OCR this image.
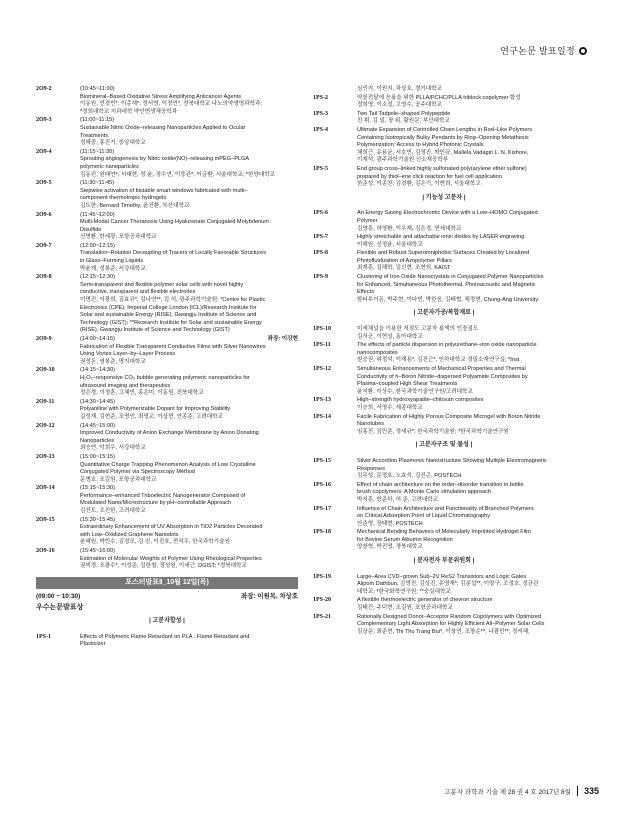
연구논문 발표일정
2O9-2	(10:45~11:00)
Biomineral–Based Oxidative Stress Amplifying Anticancer Agents
이동원, 민경빈*, 이총재*, 정서영, 이정민*, 전북대학교 나노의약생명과학과;
*경희대학교 지과대학 약안면생체공학과
2O9-3	(11:00~11:15)
Sustainable Nitric Oxide–releasing Nanoparticles Applied to Ocular
Treatments
정혜중, 홍진기, 중앙대학교
2O9-4	(11:15~11:30)
Sprouting angiogenesis by Nitric oxide(NO)–releasing mPEG–PLGA
polymeric nanoparticles
김동진, 원태연*, 서대현, 정 윤, 정수연, 이중관*, 이금환, 서울대학교; *한양대학교
2O9-5	(11:30~11:45)
Stepwise activation of bistable smart windows fabricated with multi–
component thermotropic hydrogels
김도한, Bernard Timothy, 윤진환, 부산대학교
2O9-6	(11:45~12:00)
Multi-Modal Cancer Theranosis Using Hyaluronate Conjugated Molybdenum
Disulfide
신명환, 한세광, 포항공과대학교
2O9-7	(12:00~12:15)
Translation–Rotation Decoupling of Tracers of Locally Favorable Structures
in Glass–Forming Liquids
박윤재, 성봉준, 서강대학교
2O9-8	(12:15~12:30)
Semi-transparent and flexible polymer solar cells with novel highly
conductive, transparent and flexible electrodes
이명진, 이광희, 김효규*, 김나연**, 김 석, 광주과학기술원; *Centre for Plastic
Electronics (CPE), Imperial College London (ICL)/Research Institute for
Solar and sustainable Energy (RISE), Gwangju Institute of Science and
Technology (GIST); **Research Institute for Solar and sustainable Energy
(RISE), Gwangju Institute of Science and Technology (GIST)
2O9-9	(14:00~14:15)	좌장: 이강현
Fabrication of Flexible Transparent Conductive Films with Silver Nanowires
Using Vortex Layer–by–Layer Process
권정돈, 염봉준, 명지대학교
2O9-10	(14:15~14:30)
H₂O₂–responsive CO₂ bubble generating polymeric nanoparticles for
ultrasound imaging and therapeutics
정은경, 이정훈, 고혜빈, 홍은미, 이동원, 전북대학교
2O9-11	(14:30~14:45)
Polyaniline with Polymerizable Dopant for Improving Stability
김성재, 김현준, 조명인, 최영교, 이상현, 안종준, 고려대학교
2O9-12	(14:45~15:00)
Improved Conductivity of Anion Exchange Membrane by Anion Donating
Nanoparticles
최승연, 이희우, 서강대학교
2O9-13	(15:00~15:15)
Quantitative Charge Trapping Phenomenon Analysis of Low Crystalline
Conjugated Polymer via Spectroscopy Method
문병호, 조길원, 포항공과대학교
2O9-14	(15:15~15:30)
Performance–enhanced Triboelectric Nanogenerator Composed of
Modulated Nano/Microstructure by pH–controllable Approach
김진도, 조진한, 고려대학교
2O9-15	(15:30~15:45)
Extraordinary Enhancement of UV Absorption in TiO2 Particles Decorated
with Low–Oxidized Graphene Nanodots
윤혜원, 박민수, 김정모, 김 진, 이진호, 전석우, 한국과학기술원
2O9-16	(15:45~16:00)
Estimation of Molecular Weights of Polymer Using Rheological Properties
권미경, 조광수*, 이성준, 김한철, 정성원, 이세근, DGIST; *경북대학교
포스터발표Ⅱ_10월 12일(목)
(09:00 ~ 10:30)	좌장: 이원목, 차상호
우수논문발표상
| 고분자합성 |
1PS-1	Effects of Polymeric Flame Retardant on PLA : Flame Retardant and
Plasticizer
심인지, 이원지, 차상호, 경기대학교
1PS-2	약물전달에 응용을 위한 PLLA/PCHC/PLLA triblock copolymer 합성
정희영, 이소정, 고영수, 공주대학교
1PS-3	Two Tail Tadpole–shaped Polypeptide
진 휘, 김 일, 장 위, 황원문, 부산대학교
1PS-4	Ultimate Expansion of Controlled Chain Lengths in Rod–Like Polymers
Containing Isotropically Bulky Pendants by Ring–Opening Metathesis
Polymerization: Access to Hybrid Photonic Crystals
채희근, 유용균, 서호빈, 김정진, 박민규, Mallela Vadagiri L. N, Kishore,
이재석, 광주과학기술원 신소재공학부
1PS-5	End group cross–linked highly sulfonated poly(arylene ether sulfone)
prepared by thiol–ene click reaction for fuel cell application
한준성, 이종찬, 김정환, 김은기, 이현희, 서울대학교
| 기능성 고분자 |
1PS-6	An Energy Saving Electrochromic Device with a Low–HOMO Conjugated
Polymer
김영훈, 허영환, 이우재, 김은경, 연세대학교
1PS-7	Highly stretchable and attachable ionic diodes by LASER engraving
이해원, 선정윤, 서울대학교
1PS-8	Flexible and Robust Superomniphobic Surfaces Created by Localized
Photofluidization of Azopolymer Pillars
최재훈, 김해학, 김신현, 조현희, KAIST
1PS-9	Clustering of Iron Oxide Nanocrystals in Conjugated Polymer Nanoparticles
for Enhanced, Simultaneous Photothermal, Photoacoustic and Magnetic
Effects
함티투이돈, 박주현, 이다빈, 박한음, 김태협, 채정현, Chung-Ang University
| 고분자가공/복합재료 |
1PS-10	미세채널을 이용한 저점도 고분자 용액의 인장점도
김서군, 이현성, 동아대학교
1PS-11	The effects of particle dispersion in polyurethane–iron oxide nanoparticle
nanocomposites
원승권, 위정석, 이재용*, 김진근*, 인하대학교 정밀소재연구실; *Inst
1PS-12	Simultaneous Enhancements of Mechanical Properties and Thermal
Conductivity of h–Boron Nitride–dispersed Polyamide Composites by
Plasma–coupled High Shear Treatments
윤지환, 이상수, 한국과학기술연구원/고려대학교
1PS-13	High–strength hydroxyapatite–chitosan composites
이승희, 서영수, 세종대학교
1PS-14	Facile Fabrication of Highly Porous Composite Microgel with Boron Nitride
Nanotubes
임홍진, 김민준, 정세규*, 한국과학기술원; *한국과학기술연구원
| 고분자구조 및 물성 |
1PS-15	Silver Accordion Plasmonic Nanostructure Showing Multiple Electromagnetic
Responses
김무성, 문정호, 노효석, 김진곤, POSTECH
1PS-16	Effect of chain architecture on the order–disorder transition in bottle
brush copolymers: A Monte Carlo simulation approach
박지훈, 방준하, 허 준, 고려대학교
1PS-17	Influence of Chain Architecture and Functionality of Branched Polymers
on Critical Adsorption Point of Liquid Chromatography
안준영, 장태현, POSTECH
1PS-18	Mechanical Bending Behaviors of Molecularly Imprinted Hydrogel Film
for Bovine Serum Albumin Recognition
양찬혁, 박진영, 경북대학교
| 분자전자 부문위원회 |
1PS-19	Large–Area CVD–grown Sub–2V ReS2 Transistors and Logic Gates
Alipom Dathbun, 김영진, 김성진, 유영재*, 김분섭**, 이창구, 조정호, 성균관
대학교; *한국화학연구원; **숭실대학교
1PS-20	A flexible thermoelectric generator of chevron structure
김태건, 주덕현, 조길원, 포항공과대학교
1PS-21	Rationally Designed Donor–Acceptor Random Copolymers with Optimized
Complementary Light Absorption for Highly Efficient All–Polymer Solar Cells
김상운, 최준현, Thi Thu Trang Bui*, 이창연, 조창순**, 나광민**, 정지혜,
고분자 과학과 기술 제 28 권 4 호 2017년 8월 335
